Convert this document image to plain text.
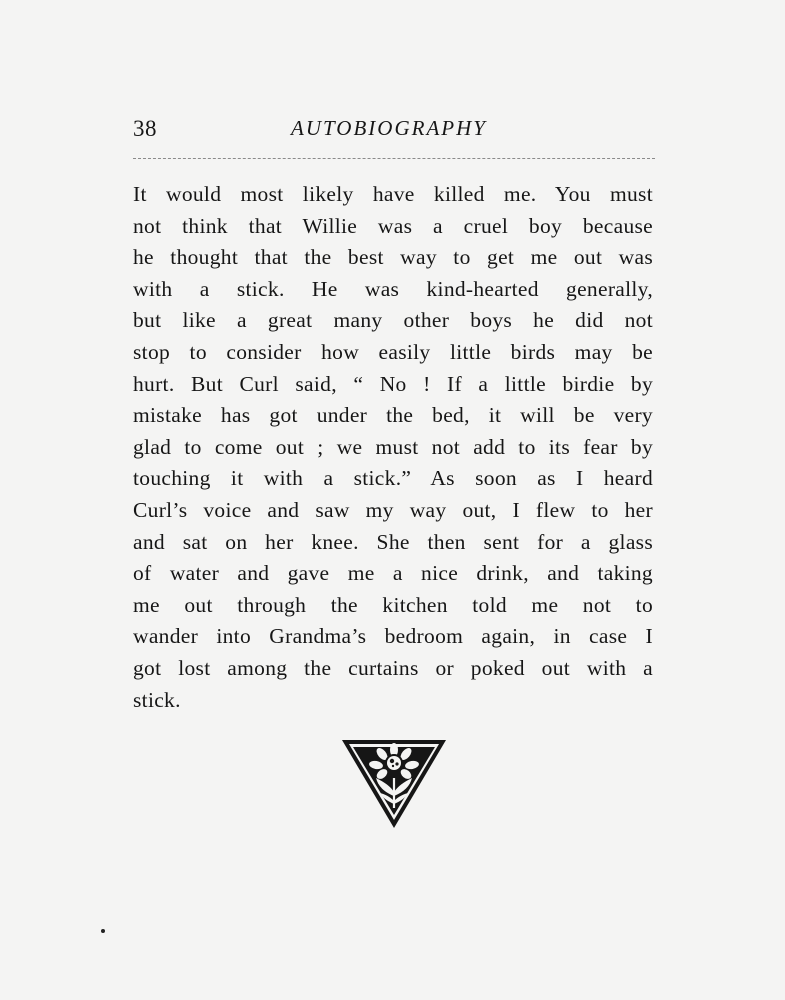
38	AUTOBIOGRAPHY
It would most likely have killed me. You must
not think that Willie was a cruel boy because
he thought that the best way to get me out was
with a stick. He was kind-hearted generally,
but like a great many other boys he did not
stop to consider how easily little birds may be
hurt. But Curl said, “ No ! If a little birdie by
mistake has got under the bed, it will be very
glad to come out ; we must not add to its fear by
touching it with a stick.” As soon as I heard
Curl’s voice and saw my way out, I flew to her
and sat on her knee. She then sent for a glass
of water and gave me a nice drink, and taking
me out through the kitchen told me not to
wander into Grandma’s bedroom again, in case I
got lost among the curtains or poked out with a
stick.
